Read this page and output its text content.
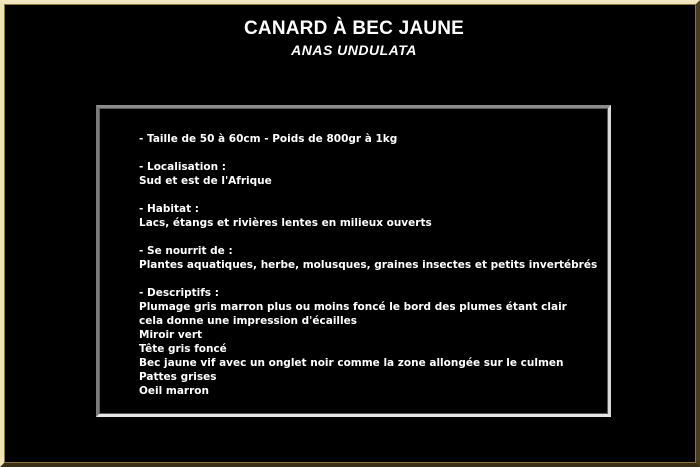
CANARD À BEC JAUNE
ANAS UNDULATA
- Taille de 50 à 60cm - Poids de 800gr à 1kg
- Localisation :
Sud et est de l'Afrique
- Habitat :
Lacs, étangs et rivières lentes en milieux ouverts
- Se nourrit de :
Plantes aquatiques, herbe, molusques, graines insectes et petits invertébrés
- Descriptifs :
Plumage gris marron plus ou moins foncé le bord des plumes étant clair
cela donne une impression d'écailles
Miroir vert
Tête gris foncé
Bec jaune vif avec un onglet noir comme la zone allongée sur le culmen
Pattes grises
Oeil marron
